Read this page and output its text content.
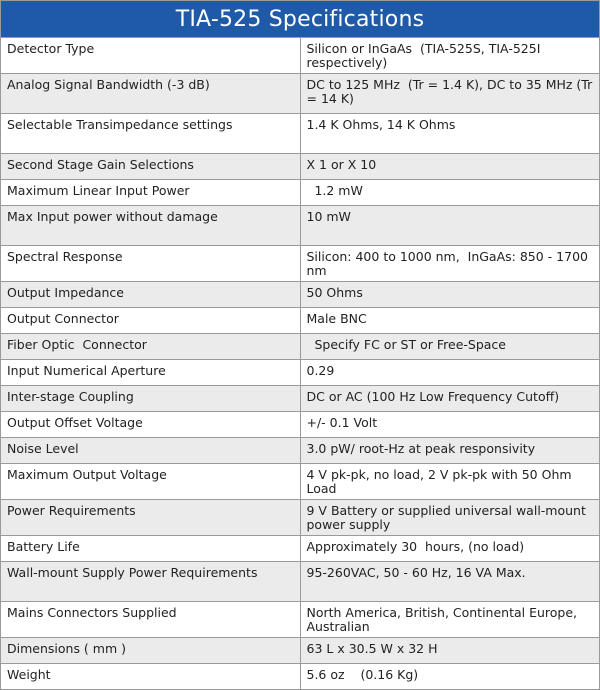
TIA-525 Specifications	
Detector Type	Silicon or InGaAs  (TIA-525S, TIA-525I respectively)
Analog Signal Bandwidth (-3 dB)	DC to 125 MHz  (Tr = 1.4 K), DC to 35 MHz (Tr = 14 K)
Selectable Transimpedance settings	1.4 K Ohms, 14 K Ohms
Second Stage Gain Selections	X 1 or X 10
Maximum Linear Input Power	1.2 mW
Max Input power without damage	10 mW
Spectral Response	Silicon: 400 to 1000 nm,  InGaAs: 850 - 1700 nm
Output Impedance	50 Ohms
Output Connector	Male BNC
Fiber Optic  Connector	Specify FC or ST or Free-Space
Input Numerical Aperture	0.29
Inter-stage Coupling	DC or AC (100 Hz Low Frequency Cutoff)
Output Offset Voltage	+/- 0.1 Volt
Noise Level	3.0 pW/ root-Hz at peak responsivity
Maximum Output Voltage	4 V pk-pk, no load, 2 V pk-pk with 50 Ohm Load
Power Requirements	9 V Battery or supplied universal wall-mount power supply
Battery Life	Approximately 30  hours, (no load)
Wall-mount Supply Power Requirements	95-260VAC, 50 - 60 Hz, 16 VA Max.
Mains Connectors Supplied	North America, British, Continental Europe, Australian
Dimensions ( mm )	63 L x 30.5 W x 32 H
Weight	5.6 oz    (0.16 Kg)
